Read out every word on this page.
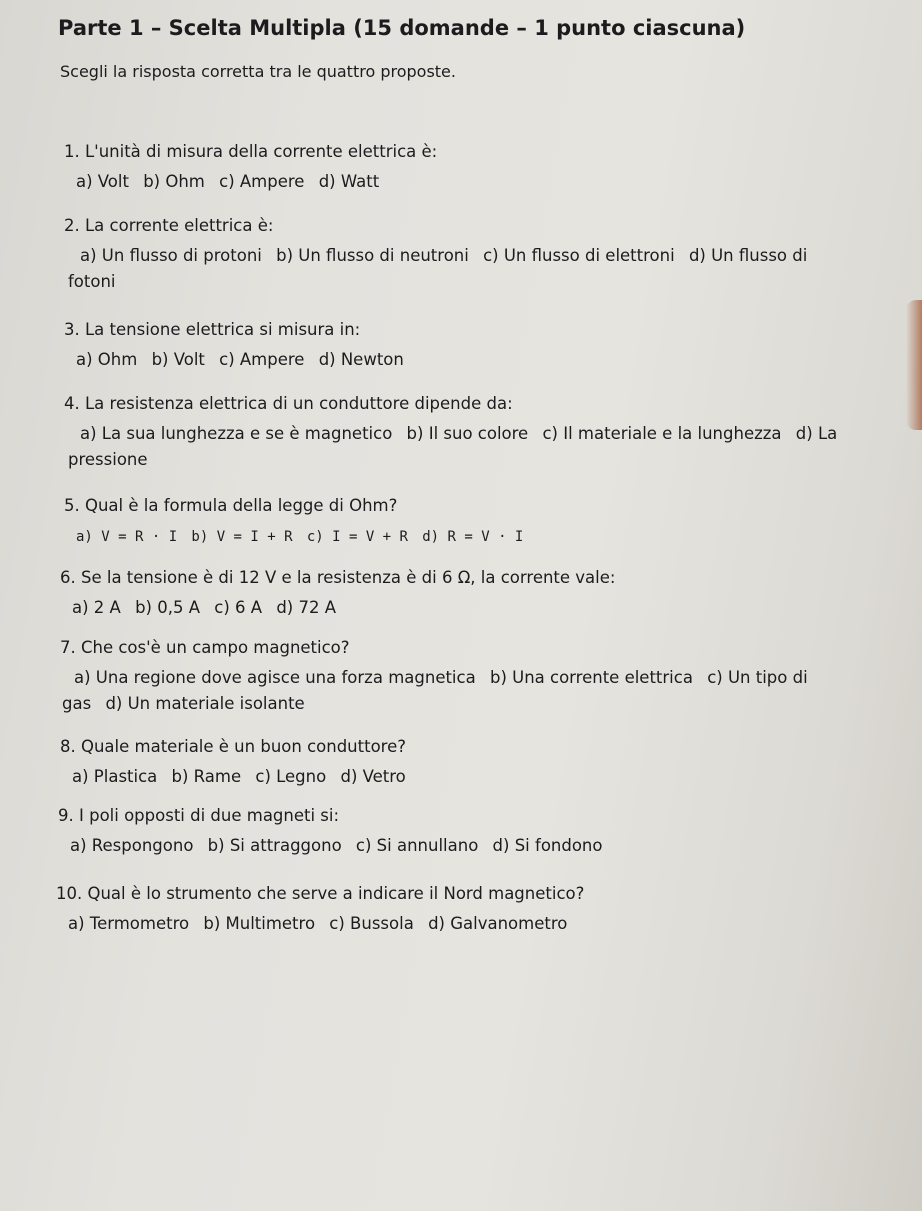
Parte 1 – Scelta Multipla (15 domande – 1 punto ciascuna)
Scegli la risposta corretta tra le quattro proposte.
1. L'unità di misura della corrente elettrica è:
a) Volt b) Ohm c) Ampere d) Watt
2. La corrente elettrica è:
a) Un flusso di protoni b) Un flusso di neutroni c) Un flusso di elettroni d) Un flusso di fotoni
3. La tensione elettrica si misura in:
a) Ohm b) Volt c) Ampere d) Newton
4. La resistenza elettrica di un conduttore dipende da:
a) La sua lunghezza e se è magnetico b) Il suo colore c) Il materiale e la lunghezza d) La pressione
5. Qual è la formula della legge di Ohm?
a) V = R · I b) V = I + R c) I = V + R d) R = V · I
6. Se la tensione è di 12 V e la resistenza è di 6 Ω, la corrente vale:
a) 2 A b) 0,5 A c) 6 A d) 72 A
7. Che cos'è un campo magnetico?
a) Una regione dove agisce una forza magnetica b) Una corrente elettrica c) Un tipo di gas d) Un materiale isolante
8. Quale materiale è un buon conduttore?
a) Plastica b) Rame c) Legno d) Vetro
9. I poli opposti di due magneti si:
a) Respongono b) Si attraggono c) Si annullano d) Si fondono
10. Qual è lo strumento che serve a indicare il Nord magnetico?
a) Termometro b) Multimetro c) Bussola d) Galvanometro
